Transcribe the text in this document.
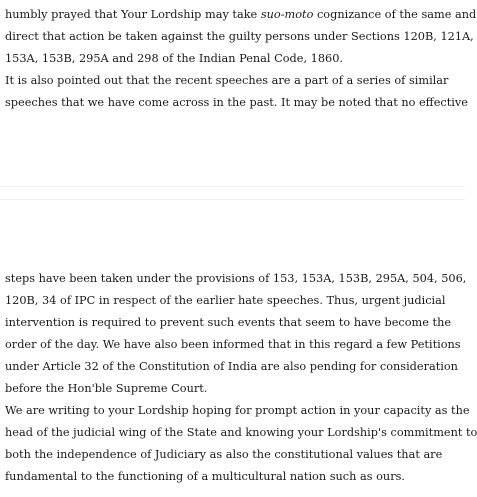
humbly prayed that Your Lordship may take suo-moto cognizance of the same and
direct that action be taken against the guilty persons under Sections 120B, 121A,
153A, 153B, 295A and 298 of the Indian Penal Code, 1860.
It is also pointed out that the recent speeches are a part of a series of similar
speeches that we have come across in the past. It may be noted that no effective
steps have been taken under the provisions of 153, 153A, 153B, 295A, 504, 506,
120B, 34 of IPC in respect of the earlier hate speeches. Thus, urgent judicial
intervention is required to prevent such events that seem to have become the
order of the day. We have also been informed that in this regard a few Petitions
under Article 32 of the Constitution of India are also pending for consideration
before the Hon'ble Supreme Court.
We are writing to your Lordship hoping for prompt action in your capacity as the
head of the judicial wing of the State and knowing your Lordship's commitment to
both the independence of Judiciary as also the constitutional values that are
fundamental to the functioning of a multicultural nation such as ours.
